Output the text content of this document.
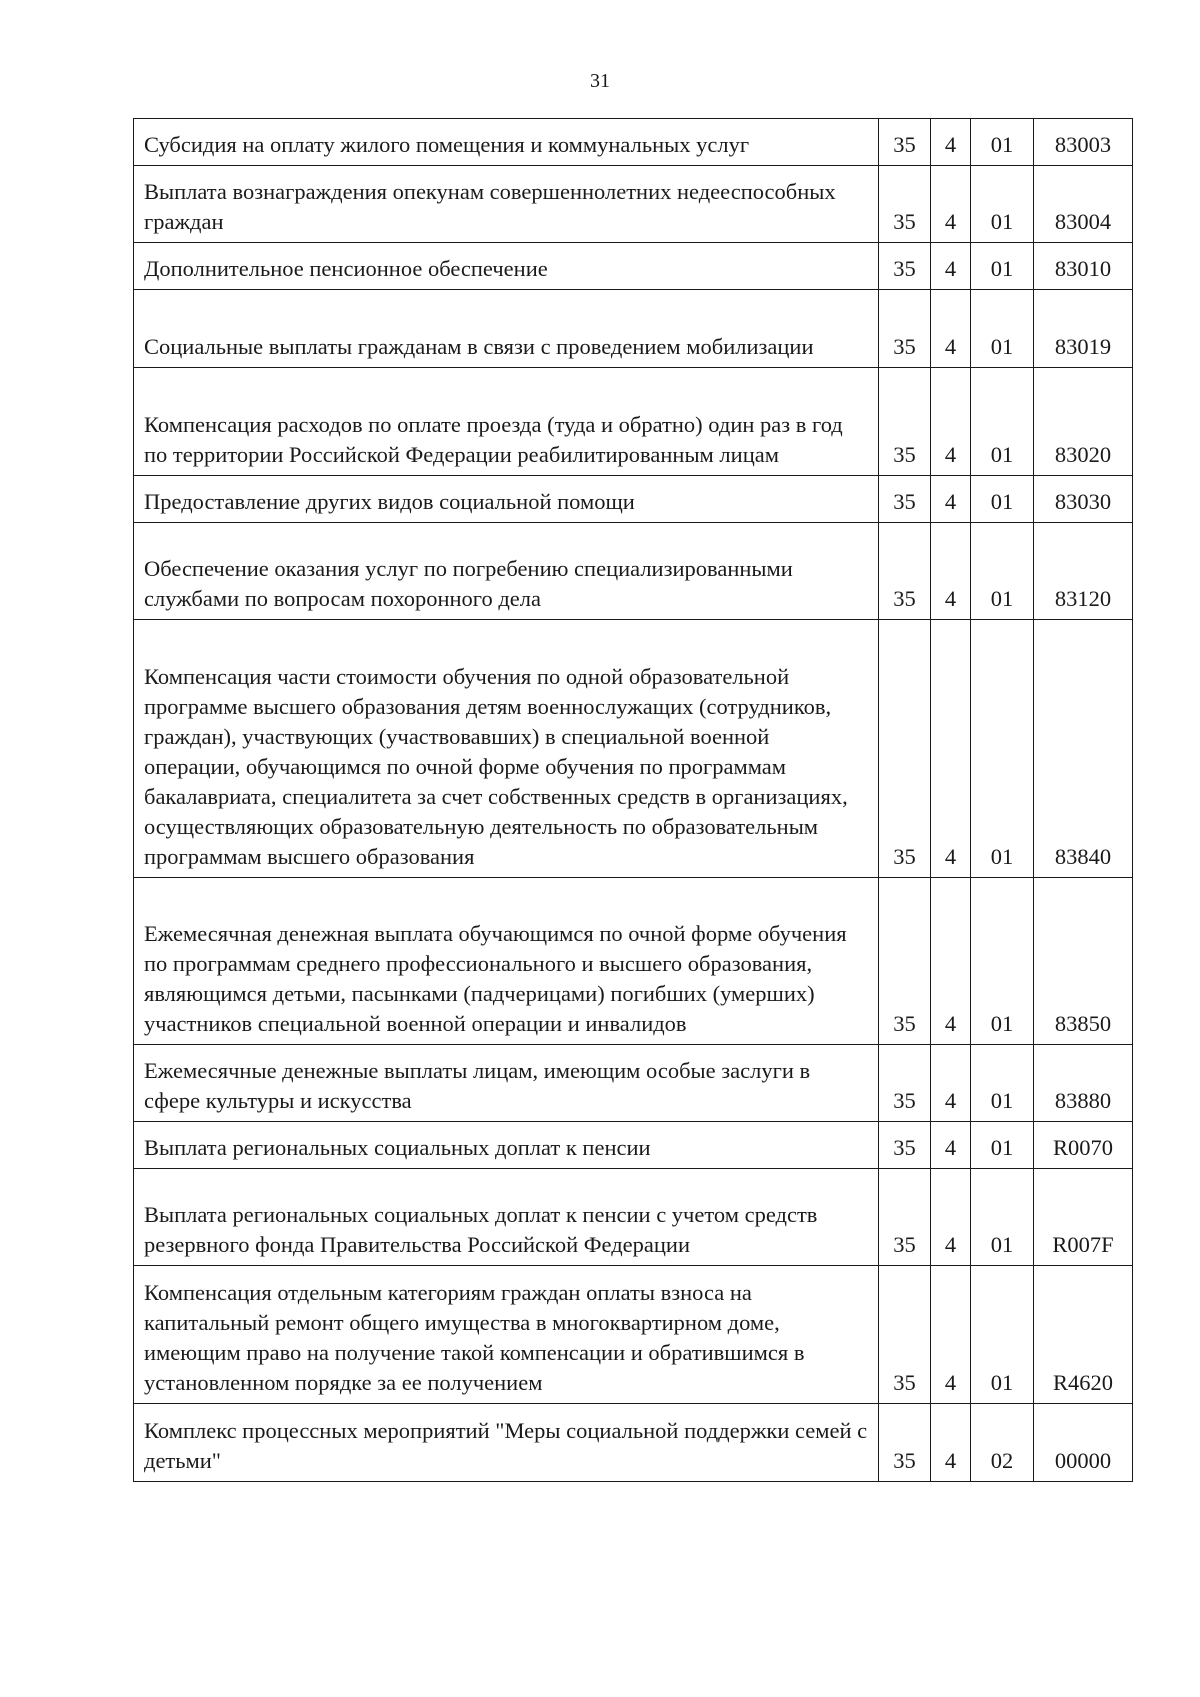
31
Субсидия на оплату жилого помещения и коммунальных услуг	35	4	01	83003
Выплата вознаграждения опекунам совершеннолетних недееспособных граждан	35	4	01	83004
Дополнительное пенсионное обеспечение	35	4	01	83010
Социальные выплаты гражданам в связи с проведением мобилизации	35	4	01	83019
Компенсация расходов по оплате проезда (туда и обратно) один раз в год по территории Российской Федерации реабилитированным лицам	35	4	01	83020
Предоставление других видов социальной помощи	35	4	01	83030
Обеспечение оказания услуг по погребению специализированными службами по вопросам похоронного дела	35	4	01	83120
Компенсация части стоимости обучения по одной образовательной программе высшего образования детям военнослужащих (сотрудников, граждан), участвующих (участвовавших) в специальной военной операции, обучающимся по очной форме обучения по программам бакалавриата, специалитета за счет собственных средств в организациях, осуществляющих образовательную деятельность по образовательным программам высшего образования	35	4	01	83840
Ежемесячная денежная выплата обучающимся по очной форме обучения по программам среднего профессионального и высшего образования, являющимся детьми, пасынками (падчерицами) погибших (умерших) участников специальной военной операции и инвалидов	35	4	01	83850
Ежемесячные денежные выплаты лицам, имеющим особые заслуги в сфере культуры и искусства	35	4	01	83880
Выплата региональных социальных доплат к пенсии	35	4	01	R0070
Выплата региональных социальных доплат к пенсии с учетом средств резервного фонда Правительства Российской Федерации	35	4	01	R007F
Компенсация отдельным категориям граждан оплаты взноса на капитальный ремонт общего имущества в многоквартирном доме, имеющим право на получение такой компенсации и обратившимся в установленном порядке за ее получением	35	4	01	R4620
Комплекс процессных мероприятий "Меры социальной поддержки семей с детьми"	35	4	02	00000
